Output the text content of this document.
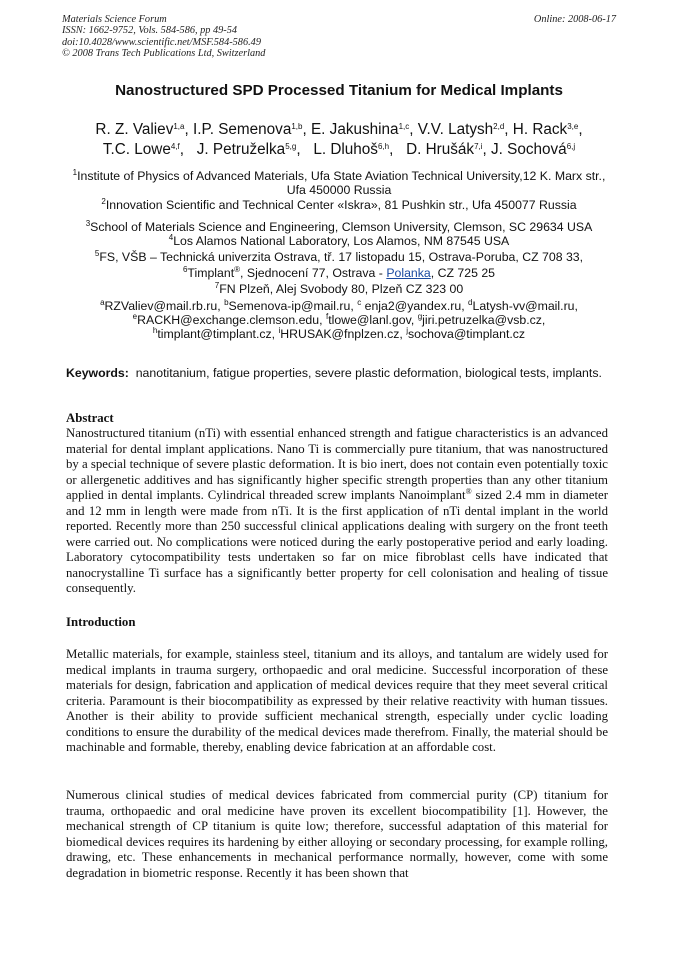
Materials Science Forum
ISSN: 1662-9752, Vols. 584-586, pp 49-54
doi:10.4028/www.scientific.net/MSF.584-586.49
© 2008 Trans Tech Publications Ltd, Switzerland
Online: 2008-06-17
Nanostructured SPD Processed Titanium for Medical Implants
R. Z. Valiev$^{1,a}$, I.P. Semenova$^{1,b}$, E. Jakushina$^{1,c}$, V.V. Latysh$^{2,d}$, H. Rack$^{3,e}$,
T.C. Lowe$^{4,f}$,   J. Petruželka$^{5,g}$,   L. Dluhoš$^{6,h}$,   D. Hrušák$^{7,i}$, J. Sochová$^{6,j}$
$^1$Institute of Physics of Advanced Materials, Ufa State Aviation Technical University,12 K. Marx str., Ufa 450000 Russia
$^2$Innovation Scientific and Technical Center «Iskra», 81 Pushkin str., Ufa 450077 Russia
$^3$School of Materials Science and Engineering, Clemson University, Clemson, SC 29634 USA
$^4$Los Alamos National Laboratory, Los Alamos, NM 87545 USA
$^5$FS, VŠB – Technická univerzita Ostrava, tř. 17 listopadu 15, Ostrava-Poruba, CZ 708 33,
$^6$Timplant®, Sjednocení 77, Ostrava - Polanka, CZ 725 25
$^7$FN Plzeň, Alej Svobody 80, Plzeň CZ 323 00
$^a$RZValiev@mail.rb.ru, $^b$Semenova-ip@mail.ru, $^c$ enja2@yandex.ru, $^d$Latysh-vv@mail.ru,
$^e$RACKH@exchange.clemson.edu, $^f$tlowe@lanl.gov, $^g$jiri.petruzelka@vsb.cz,
$^h$timplant@timplant.cz, $^i$HRUSAK@fnplzen.cz, $^j$sochova@timplant.cz
Keywords: nanotitanium, fatigue properties, severe plastic deformation, biological tests, implants.
Abstract
Nanostructured titanium (nTi) with essential enhanced strength and fatigue characteristics is an advanced material for dental implant applications. Nano Ti is commercially pure titanium, that was nanostructured by a special technique of severe plastic deformation. It is bio inert, does not contain even potentially toxic or allergenetic additives and has significantly higher specific strength properties than any other titanium applied in dental implants. Cylindrical threaded screw implants Nanoimplant® sized 2.4 mm in diameter and 12 mm in length were made from nTi. It is the first application of nTi dental implant in the world reported. Recently more than 250 successful clinical applications dealing with surgery on the front teeth were carried out. No complications were noticed during the early postoperative period and early loading. Laboratory cytocompatibility tests undertaken so far on mice fibroblast cells have indicated that nanocrystalline Ti surface has a significantly better property for cell colonisation and healing of tissue consequently.
Introduction
Metallic materials, for example, stainless steel, titanium and its alloys, and tantalum are widely used for medical implants in trauma surgery, orthopaedic and oral medicine. Successful incorporation of these materials for design, fabrication and application of medical devices require that they meet several critical criteria. Paramount is their biocompatibility as expressed by their relative reactivity with human tissues. Another is their ability to provide sufficient mechanical strength, especially under cyclic loading conditions to ensure the durability of the medical devices made therefrom. Finally, the material should be machinable and formable, thereby, enabling device fabrication at an affordable cost.
Numerous clinical studies of medical devices fabricated from commercial purity (CP) titanium for trauma, orthopaedic and oral medicine have proven its excellent biocompatibility [1]. However, the mechanical strength of CP titanium is quite low; therefore, successful adaptation of this material for biomedical devices requires its hardening by either alloying or secondary processing, for example rolling, drawing, etc. These enhancements in mechanical performance normally, however, come with some degradation in biometric response. Recently it has been shown that
